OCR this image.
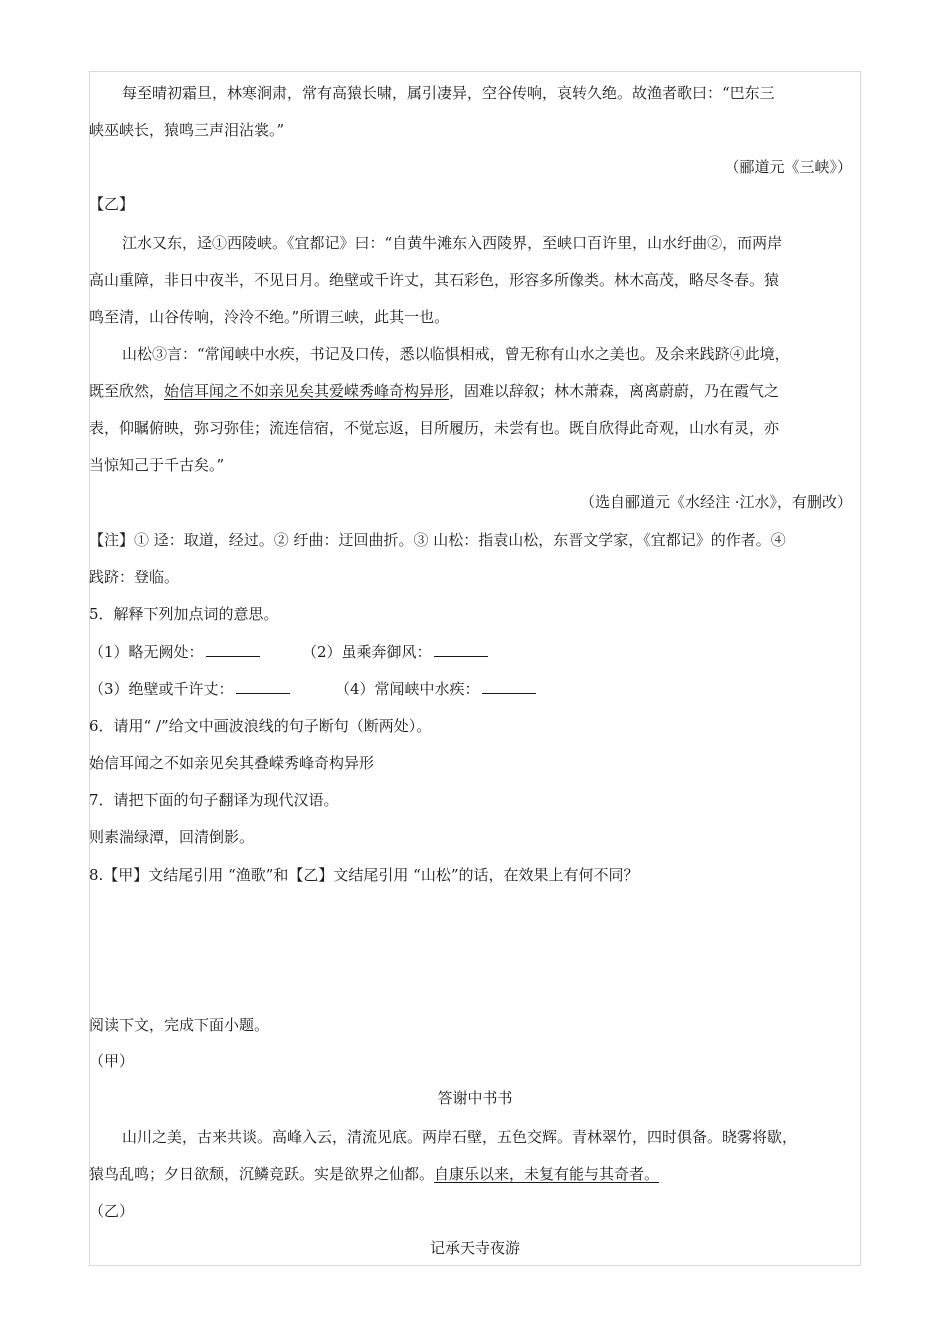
每至晴初霜旦，林寒涧肃，常有高猿长啸，属引凄异，空谷传响，哀转久绝。故渔者歌曰：“巴东三
峡巫峡长，猿鸣三声泪沾裳。”
（郦道元《三峡》）
【乙】
江水又东，迳①西陵峡。《宜都记》曰：“自黄牛滩东入西陵界，至峡口百许里，山水纡曲②，而两岸
高山重障，非日中夜半，不见日月。绝壁或千许丈，其石彩色，形容多所像类。林木高茂，略尽冬春。猿
鸣至清，山谷传响，泠泠不绝。”所谓三峡，此其一也。
山松③言：“常闻峡中水疾，书记及口传，悉以临惧相戒，曾无称有山水之美也。及余来践跻④此境，
既至欣然，始信耳闻之不如亲见矣其爱嵘秀峰奇构异形，固难以辞叙；林木萧森，离离蔚蔚，乃在霞气之
表，仰瞩俯映，弥习弥佳；流连信宿，不觉忘返，目所履历，未尝有也。既自欣得此奇观，山水有灵，亦
当惊知己于千古矣。”
（选自郦道元《水经注 ·江水》，有删改）
【注】① 迳：取道，经过。② 纡曲：迂回曲折。③ 山松：指袁山松，东晋文学家，《宜都记》的作者。④
践跻：登临。
5．解释下列加点词的意思。
（1）略无阙处：	（2）虽乘奔御风：
（3）绝壁或千许丈：	（4）常闻峡中水疾：
6．请用“ /”给文中画波浪线的句子断句（断两处）。
始信耳闻之不如亲见矣其叠嵘秀峰奇构异形
7．请把下面的句子翻译为现代汉语。
则素湍绿潭，回清倒影。
8.【甲】文结尾引用 “渔歌”和【乙】文结尾引用 “山松”的话，在效果上有何不同？
阅读下文，完成下面小题。
（甲）
答谢中书书
山川之美，古来共谈。高峰入云，清流见底。两岸石壁，五色交辉。青林翠竹，四时俱备。晓雾将歇，
猿鸟乱鸣；夕日欲颓，沉鳞竞跃。实是欲界之仙都。自康乐以来，未复有能与其奇者。
（乙）
记承天寺夜游
